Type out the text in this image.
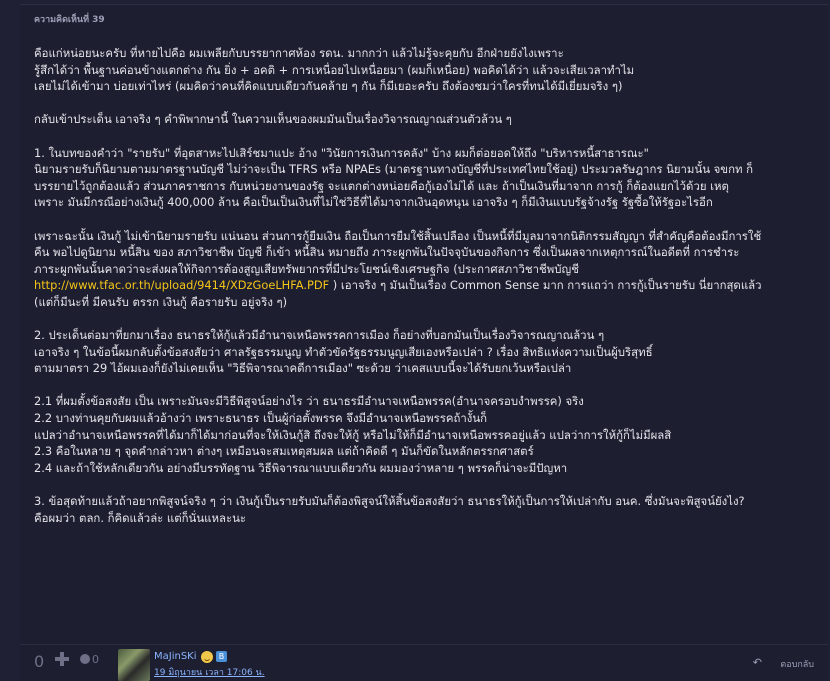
ความคิดเห็นที่ 39

คือแก่หน่อยนะครับ ที่หายไปคือ ผมเพลียกับบรรยากาศห้อง รดน. มากกว่า แล้วไม่รู้จะคุยกับ อีกฝ่ายยังไงเพราะ
รู้สึกได้ว่า พื้นฐานค่อนข้างแตกต่าง กัน ยิ่ง + อคติ + การเหนื่อยไปเหนื่อยมา (ผมก็เหนื่อย) พอคิดได้ว่า แล้วจะเสียเวลาทำไม
เลยไม่ได้เข้ามา บ่อยเท่าไหร่ (ผมคิดว่าคนที่คิดแบบเดียวกันคล้าย ๆ กัน ก็มีเยอะครับ ถึงต้องชมว่าใครที่ทนได้มีเยี่ยมจริง ๆ)

กลับเข้าประเด็น เอาจริง ๆ คำพิพากษานี้ ในความเห็นของผมมันเป็นเรื่องวิจารณญาณส่วนตัวล้วน ๆ

1. ในบทของคำว่า "รายรับ" ที่อุตสาหะไปเสิร์ชมาแปะ อ้าง "วินัยการเงินการคลัง" บ้าง ผมก็ต่อยอดให้ถึง "บริหารหนี้สาธารณะ"
นิยามรายรับก็นิยามตามมาตรฐานบัญชี ไม่ว่าจะเป็น TFRS หรือ NPAEs (มาตรฐานทางบัญชีที่ประเทศไทยใช้อยู่) ประมวลรัษฎากร นิยามนั้น จขกท ก็
บรรยายไว้ถูกต้องแล้ว ส่วนภาคราชการ กับหน่วยงานของรัฐ จะแตกต่างหน่อยคือกู้เองไม่ได้ และ ถ้าเป็นเงินที่มาจาก การกู้ ก็ต้องแยกไว้ด้วย เหตุ
เพราะ มันมีกรณีอย่างเงินกู้ 400,000 ล้าน คือเป็นเป็นเงินที่ไม่ใช่วิธีที่ได้มาจากเงินอุดหนุน เอาจริง ๆ ก็มีเงินแบบรัฐจ้างรัฐ รัฐซื้อให้รัฐอะไรอีก

เพราะฉะนั้น เงินกู้ ไม่เข้านิยามรายรับ แน่นอน ส่วนการกู้ยืมเงิน ถือเป็นการยืมใช้สิ้นเปลือง เป็นหนี้ที่มีมูลมาจากนิติกรรมสัญญา ที่สำคัญคือต้องมีการใช้
คืน พอไปดูนิยาม หนี้สิน ของ สภาวิชาชีพ บัญชี ก็เข้า หนี้สิน หมายถึง ภาระผูกพันในปัจจุบันของกิจการ ซึ่งเป็นผลจากเหตุการณ์ในอดีตที่ การชำระ
ภาระผูกพันนั้นคาดว่าจะส่งผลให้กิจการต้องสูญเสียทรัพยากรที่มีประโยชน์เชิงเศรษฐกิจ (ประกาศสภาวิชาชีพบัญชี
http://www.tfac.or.th/upload/9414/XDzGoeLHFA.PDF ) เอาจริง ๆ มันเป็นเรื่อง Common Sense มาก การแถว่า การกู้เป็นรายรับ นี่ยากสุดแล้ว
(แต่ก็มีนะที่ มีคนรับ ตรรก เงินกู้ คือรายรับ อยู่จริง ๆ)

2. ประเด็นต่อมาที่ยกมาเรื่อง ธนาธรให้กู้แล้วมีอำนาจเหนือพรรคการเมือง ก็อย่างที่บอกมันเป็นเรื่องวิจารณญาณล้วน ๆ
เอาจริง ๆ ในข้อนี้ผมกลับตั้งข้อสงสัยว่า ศาลรัฐธรรมนูญ ทำตัวขัดรัฐธรรมนูญเสียเองหรือเปล่า ? เรื่อง สิทธิแห่งความเป็นผู้บริสุทธิ์
ตามมาตรา 29 ไอ้ผมเองก็ยังไม่เคยเห็น "วิธีพิจารณาคดีการเมือง" ซะด้วย ว่าเคสแบบนี้จะได้รับยกเว้นหรือเปล่า

2.1 ที่ผมตั้งข้อสงสัย เป็น เพราะมันจะมีวิธีพิสูจน์อย่างไร ว่า ธนาธรมีอำนาจเหนือพรรค(อำนาจครอบงำพรรค) จริง
2.2 บางท่านคุยกับผมแล้วอ้างว่า เพราะธนาธร เป็นผู้ก่อตั้งพรรค จึงมีอำนาจเหนือพรรคถ้างั้นก็
แปลว่าอำนาจเหนือพรรคที่ได้มาก็ได้มาก่อนที่จะให้เงินกู้สิ ถึงจะให้กู้ หรือไม่ให้ก็มีอำนาจเหนือพรรคอยู่แล้ว แปลว่าการให้กู้ก็ไม่มีผลสิ
2.3 คือในหลาย ๆ จุดคำกล่าวหา ต่างๆ เหมือนจะสมเหตุสมผล แต่ถ้าคิดดี ๆ มันก็ขัดในหลักตรรกศาสตร์
2.4 และถ้าใช้หลักเดียวกัน อย่างมีบรรทัดฐาน วิธีพิจารณาแบบเดียวกัน ผมมองว่าหลาย ๆ พรรคก็น่าจะมีปัญหา

3. ข้อสุดท้ายแล้วถ้าอยากพิสูจน์จริง ๆ ว่า เงินกู้เป็นรายรับมันก็ต้องพิสูจน์ให้สิ้นข้อสงสัยว่า ธนาธรให้กู้เป็นการให้เปล่ากับ อนค. ซึ่งมันจะพิสูจน์ยังไง?
คือผมว่า ตลก. ก็คิดแล้วล่ะ แต่ก็นั่นแหละนะ

0	0	MaJinSKi	B
19 มิถุนายน เวลา 17:06 น.
↶ ตอบกลับ
